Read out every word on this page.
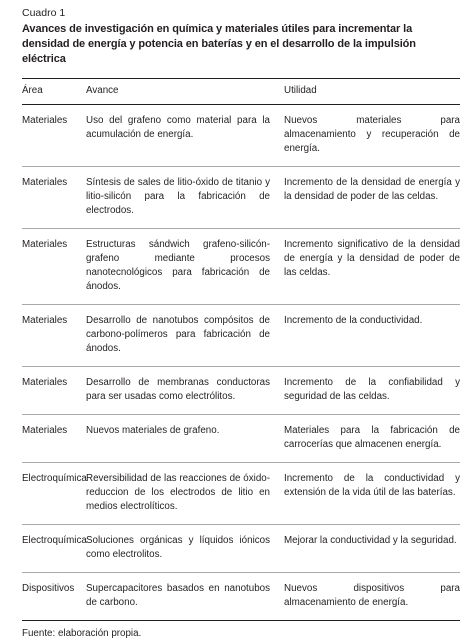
Cuadro 1
Avances de investigación en química y materiales útiles para incrementar la densidad de energía y potencia en baterías y en el desarrollo de la impulsión eléctrica
Área	Avance	Utilidad
Materiales	Uso del grafeno como material para la acumulación de energía.	Nuevos materiales para almacenamiento y recuperación de energía.
Materiales	Síntesis de sales de litio-óxido de titanio y litio-silicón para la fabricación de electrodos.	Incremento de la densidad de energía y la densidad de poder de las celdas.
Materiales	Estructuras sándwich grafeno-silicón-grafeno mediante procesos nanotecnológicos para fabricación de ánodos.	Incremento significativo de la densidad de energía y la densidad de poder de las celdas.
Materiales	Desarrollo de nanotubos compósitos de carbono-polímeros para fabricación de ánodos.	Incremento de la conductividad.
Materiales	Desarrollo de membranas conductoras para ser usadas como electrólitos.	Incremento de la confiabilidad y seguridad de las celdas.
Materiales	Nuevos materiales de grafeno.	Materiales para la fabricación de carrocerías que almacenen energía.
Electroquímica	Reversibilidad de las reacciones de óxido-reduccion de los electrodos de litio en medios electrolíticos.	Incremento de la conductividad y extensión de la vida útil de las baterías.
Electroquímica	Soluciones orgánicas y líquidos iónicos como electrolitos.	Mejorar la conductividad y la seguridad.
Dispositivos	Supercapacitores basados en nanotubos de carbono.	Nuevos dispositivos para almacenamiento de energía.
Fuente: elaboración propia.
